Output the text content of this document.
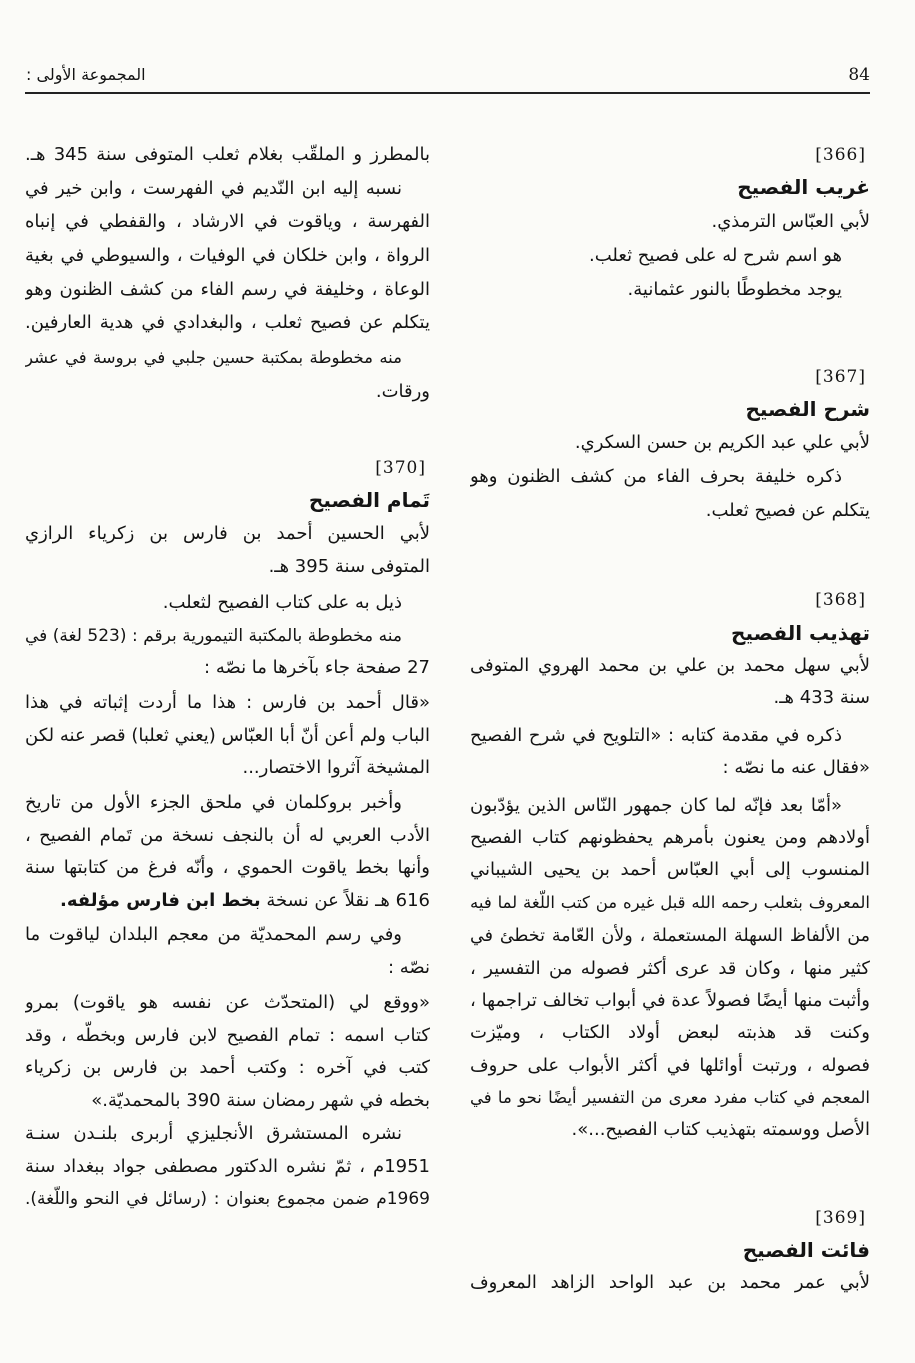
المجموعة الأولى :	84
[366]
غريب الفصيح
لأبي العبّاس الترمذي.
هو اسم شرح له على فصيح ثعلب.
يوجد مخطوطًا بالنور عثمانية.
[367]
شرح الفصيح
لأبي علي عبد الكريم بن حسن السكري.
ذكره خليفة بحرف الفاء من كشف الظنون وهو
يتكلم عن فصيح ثعلب.
[368]
تهذيب الفصيح
لأبي سهل محمد بن علي بن محمد الهروي المتوفى
سنة 433 هـ.
ذكره في مقدمة كتابه : «التلويح في شرح الفصيح
«فقال عنه ما نصّه :
«أمّا بعد فإنّه لما كان جمهور النّاس الذين يؤدّبون
أولادهم ومن يعنون بأمرهم يحفظونهم كتاب الفصيح
المنسوب إلى أبي العبّاس أحمد بن يحيى الشيباني
المعروف بثعلب رحمه الله قبل غيره من كتب اللّغة لما فيه
من الألفاظ السهلة المستعملة ، ولأن العّامة تخطئ في
كثير منها ، وكان قد عرى أكثر فصوله من التفسير ،
وأثبت منها أيضًا فصولاً عدة في أبواب تخالف تراجمها ،
وكنت قد هذبته لبعض أولاد الكتاب ، وميّزت
فصوله ، ورتبت أوائلها في أكثر الأبواب على حروف
المعجم في كتاب مفرد معرى من التفسير أيضًا نحو ما في
الأصل ووسمته بتهذيب كتاب الفصيح...».
[369]
فائت الفصيح
لأبي عمر محمد بن عبد الواحد الزاهد المعروف
بالمطرز و الملقّب بغلام ثعلب المتوفى سنة 345 هـ.
نسبه إليه ابن النّديم في الفهرست ، وابن خير في
الفهرسة ، وياقوت في الارشاد ، والقفطي في إنباه
الرواة ، وابن خلكان في الوفيات ، والسيوطي في بغية
الوعاة ، وخليفة في رسم الفاء من كشف الظنون وهو
يتكلم عن فصيح ثعلب ، والبغدادي في هدية العارفين.
منه مخطوطة بمكتبة حسين جلبي في بروسة في عشر
ورقات.
[370]
تَمام الفصيح
لأبي الحسين أحمد بن فارس بن زكرياء الرازي
المتوفى سنة 395 هـ.
ذيل به على كتاب الفصيح لثعلب.
منه مخطوطة بالمكتبة التيمورية برقم : (523 لغة) في
27 صفحة جاء بآخرها ما نصّه :
«قال أحمد بن فارس : هذا ما أردت إثباته في هذا
الباب ولم أعن أنّ أبا العبّاس (يعني ثعلبا) قصر عنه لكن
المشيخة آثروا الاختصار...
وأخبر بروكلمان في ملحق الجزء الأول من تاريخ
الأدب العربي له أن بالنجف نسخة من تَمام الفصيح ،
وأنها بخط ياقوت الحموي ، وأنّه فرغ من كتابتها سنة
616 هـ نقلاً عن نسخة بخط ابن فارس مؤلفه.
وفي رسم المحمديّة من معجم البلدان لياقوت ما
نصّه :
«ووقع لي (المتحدّث عن نفسه هو ياقوت) بمرو
كتاب اسمه : تمام الفصيح لابن فارس وبخطّه ، وقد
كتب في آخره : وكتب أحمد بن فارس بن زكرياء
بخطه في شهر رمضان سنة 390 بالمحمديّة.»
نشره المستشرق الأنجليزي أربرى بلنـدن سنـة
1951م ، ثمّ نشره الدكتور مصطفى جواد ببغداد سنة
1969م ضمن مجموع بعنوان : (رسائل في النحو واللّغة).
